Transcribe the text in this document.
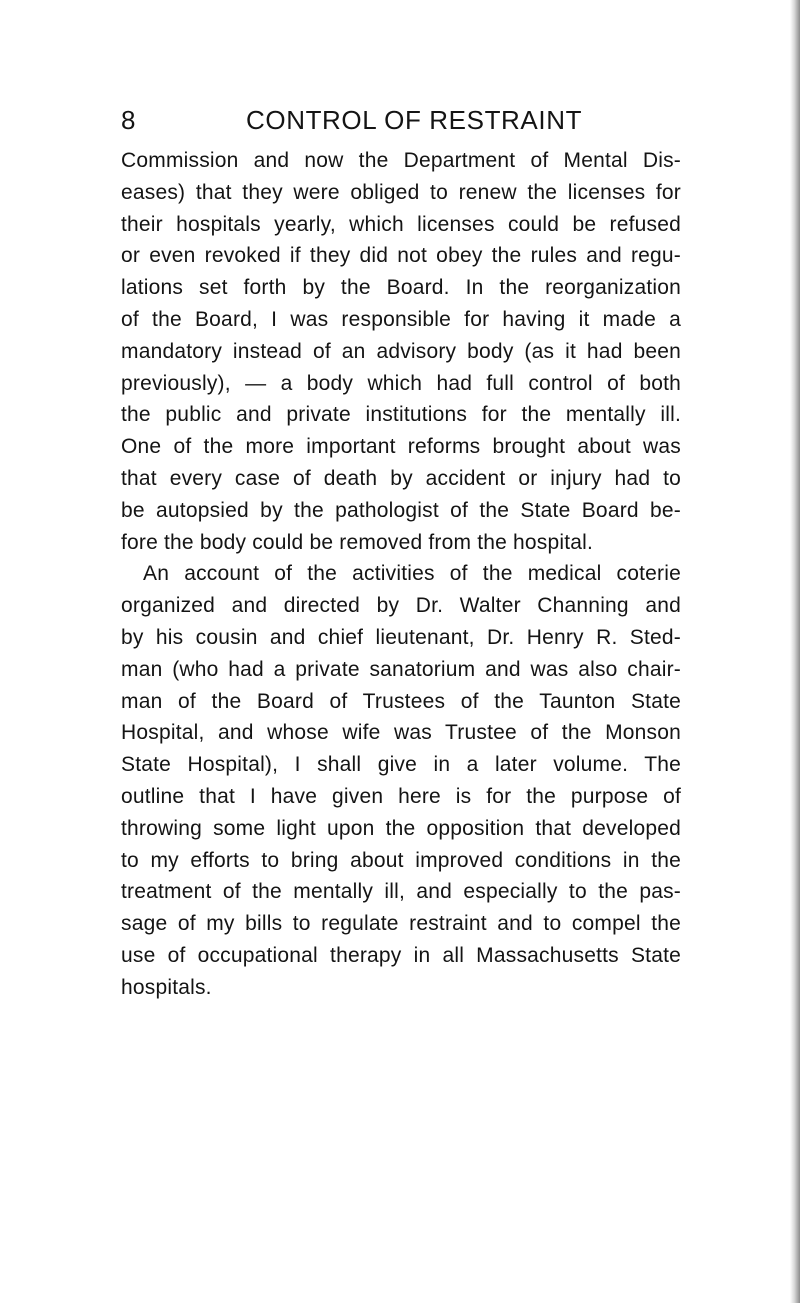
8	CONTROL OF RESTRAINT
Commission and now the Department of Mental Dis-
eases) that they were obliged to renew the licenses for
their hospitals yearly, which licenses could be refused
or even revoked if they did not obey the rules and regu-
lations set forth by the Board. In the reorganization
of the Board, I was responsible for having it made a
mandatory instead of an advisory body (as it had been
previously), — a body which had full control of both
the public and private institutions for the mentally ill.
One of the more important reforms brought about was
that every case of death by accident or injury had to
be autopsied by the pathologist of the State Board be-
fore the body could be removed from the hospital.
An account of the activities of the medical coterie
organized and directed by Dr. Walter Channing and
by his cousin and chief lieutenant, Dr. Henry R. Sted-
man (who had a private sanatorium and was also chair-
man of the Board of Trustees of the Taunton State
Hospital, and whose wife was Trustee of the Monson
State Hospital), I shall give in a later volume. The
outline that I have given here is for the purpose of
throwing some light upon the opposition that developed
to my efforts to bring about improved conditions in the
treatment of the mentally ill, and especially to the pas-
sage of my bills to regulate restraint and to compel the
use of occupational therapy in all Massachusetts State
hospitals.
